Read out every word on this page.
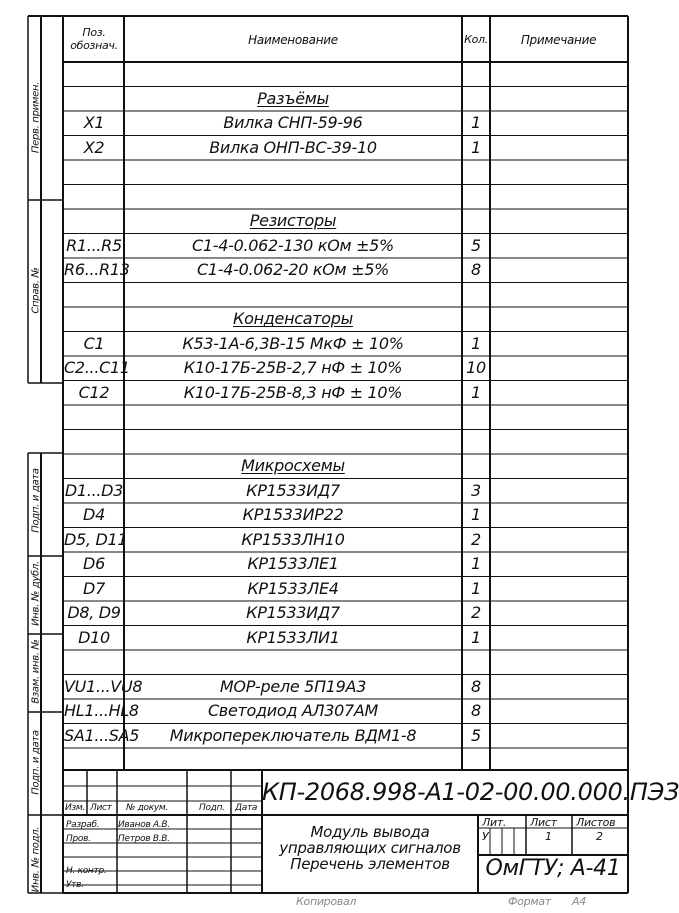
Поз.
обознач.	Наименование	Кол.	Примечание
Разъёмы
X1	Вилка СНП-59-96	1
X2	Вилка ОНП-ВС-39-10	1
Резисторы
R1...R5	С1-4-0.062-130 кОм ±5%	5
R6...R13	С1-4-0.062-20 кОм ±5%	8
Конденсаторы
C1	К53-1А-6,3В-15 МкФ ± 10%	1
C2...C11	К10-17Б-25В-2,7 нФ ± 10%	10
C12	К10-17Б-25В-8,3 нФ ± 10%	1
Микросхемы
D1...D3	КР1533ИД7	3
D4	КР1533ИР22	1
D5, D11	КР1533ЛН10	2
D6	КР1533ЛЕ1	1
D7	КР1533ЛЕ4	1
D8, D9	КР1533ИД7	2
D10	КР1533ЛИ1	1
VU1...VU8	МОР-реле 5П19А3	8
HL1...HL8	Светодиод АЛ307АМ	8
SA1...SA5	Микропереключатель ВДМ1-8	5
Перв. примен.
Справ. №
Подп. и дата
Инв. № дубл.
Взам. инв. №
Подп. и дата
Инв. № подл.
КП-2068.998-А1-02-00.00.000.ПЭЗ
Изм. Лист № докум.	Подп. Дата
Разраб. Иванов А.В.
Пров.	Петров В.В.
Н. контр.
Утв.
Модуль вывода
управляющих сигналов
Перечень элементов
Лит. Лист Листов
У	1	2
ОмГТУ; А-41
Копировал	Формат А4
